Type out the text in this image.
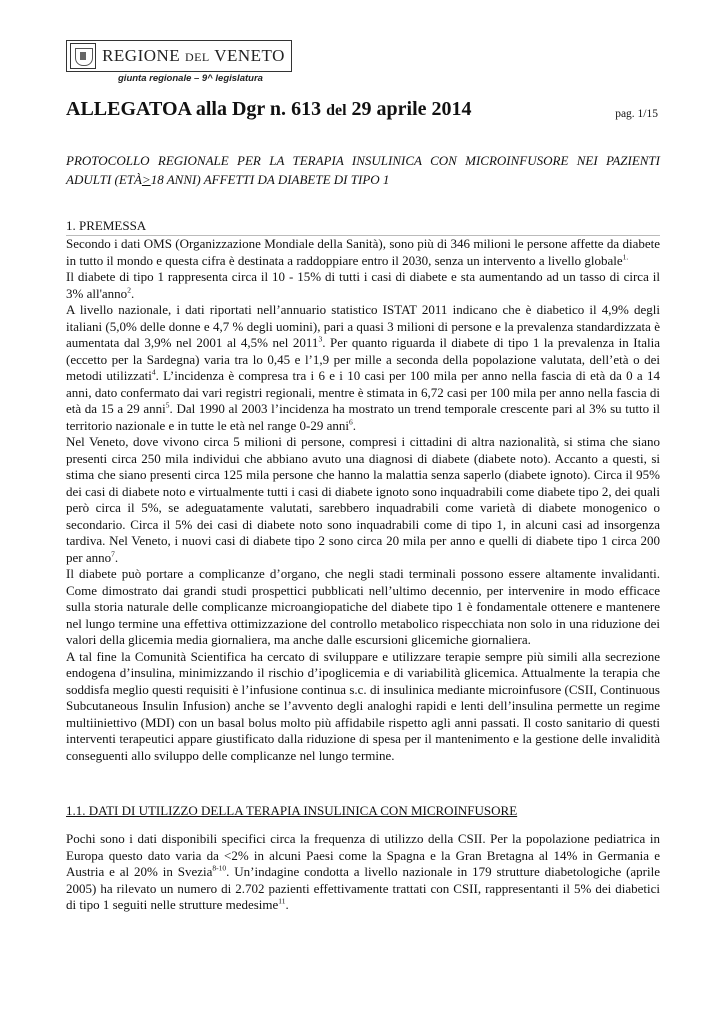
REGIONE DEL VENETO
giunta regionale – 9^ legislatura
ALLEGATOA alla Dgr n. 613 del 29 aprile 2014	pag. 1/15
PROTOCOLLO REGIONALE PER LA TERAPIA INSULINICA CON MICROINFUSORE NEI PAZIENTI ADULTI (ETÀ>18 ANNI) AFFETTI DA DIABETE DI TIPO 1
1. PREMESSA

Secondo i dati OMS (Organizzazione Mondiale della Sanità), sono più di 346 milioni le persone affette da diabete in tutto il mondo e questa cifra è destinata a raddoppiare entro il 2030, senza un intervento a livello globale$^{1.}$

Il diabete di tipo 1 rappresenta circa il 10 - 15% di tutti i casi di diabete e sta aumentando ad un tasso di circa il 3% all'anno$^2$.

A livello nazionale, i dati riportati nell’annuario statistico ISTAT 2011 indicano che è diabetico il 4,9% degli italiani (5,0% delle donne e 4,7 % degli uomini), pari a quasi 3 milioni di persone e la prevalenza standardizzata è aumentata dal 3,9% nel 2001 al 4,5% nel 2011$^3$. Per quanto riguarda il diabete di tipo 1 la prevalenza in Italia (eccetto per la Sardegna) varia tra lo 0,45 e l’1,9 per mille a seconda della popolazione valutata, dell’età o dei metodi utilizzati$^4$. L’incidenza è compresa tra i 6 e i 10 casi per 100 mila per anno nella fascia di età da 0 a 14 anni, dato confermato dai vari registri regionali, mentre è stimata in 6,72 casi per 100 mila per anno nella fascia di età da 15 a 29 anni$^5$. Dal 1990 al 2003 l’incidenza ha mostrato un trend temporale crescente pari al 3% su tutto il territorio nazionale e in tutte le età nel range 0-29 anni$^6$.

Nel Veneto, dove vivono circa 5 milioni di persone, compresi i cittadini di altra nazionalità, si stima che siano presenti circa 250 mila individui che abbiano avuto una diagnosi di diabete (diabete noto). Accanto a questi, si stima che siano presenti circa 125 mila persone che hanno la malattia senza saperlo (diabete ignoto). Circa il 95% dei casi di diabete noto e virtualmente tutti i casi di diabete ignoto sono inquadrabili come diabete tipo 2, dei quali però circa il 5%, se adeguatamente valutati, sarebbero inquadrabili come varietà di diabete monogenico o secondario. Circa il 5% dei casi di diabete noto sono inquadrabili come di tipo 1, in alcuni casi ad insorgenza tardiva. Nel Veneto, i nuovi casi di diabete tipo 2 sono circa 20 mila per anno e quelli di diabete tipo 1 circa 200 per anno$^7$.

Il diabete può portare a complicanze d’organo, che negli stadi terminali possono essere altamente invalidanti. Come dimostrato dai grandi studi prospettici pubblicati nell’ultimo decennio, per intervenire in modo efficace sulla storia naturale delle complicanze microangiopatiche del diabete tipo 1 è fondamentale ottenere e mantenere nel lungo termine una effettiva ottimizzazione del controllo metabolico rispecchiata non solo in una riduzione dei valori della glicemia media giornaliera, ma anche dalle escursioni glicemiche giornaliera.

A tal fine la Comunità Scientifica ha cercato di sviluppare e utilizzare terapie sempre più simili alla secrezione endogena d’insulina, minimizzando il rischio d’ipoglicemia e di variabilità glicemica. Attualmente la terapia che soddisfa meglio questi requisiti è l’infusione continua s.c. di insulinica mediante microinfusore (CSII, Continuous Subcutaneous Insulin Infusion) anche se l’avvento degli analoghi rapidi e lenti dell’insulina permette un regime multiiniettivo (MDI) con un basal bolus molto più affidabile rispetto agli anni passati. Il costo sanitario di questi interventi terapeutici appare giustificato dalla riduzione di spesa per il mantenimento e la gestione delle invalidità conseguenti allo sviluppo delle complicanze nel lungo termine.

1.1. DATI DI UTILIZZO DELLA TERAPIA INSULINICA CON MICROINFUSORE

Pochi sono i dati disponibili specifici circa la frequenza di utilizzo della CSII. Per la popolazione pediatrica in Europa questo dato varia da <2% in alcuni Paesi come la Spagna e la Gran Bretagna al 14% in Germania e Austria e al 20% in Svezia$^{8-10}$. Un’indagine condotta a livello nazionale in 179 strutture diabetologiche (aprile 2005) ha rilevato un numero di 2.702 pazienti effettivamente trattati con CSII, rappresentanti il 5% dei diabetici di tipo 1 seguiti nelle strutture medesime$^{11}$.
